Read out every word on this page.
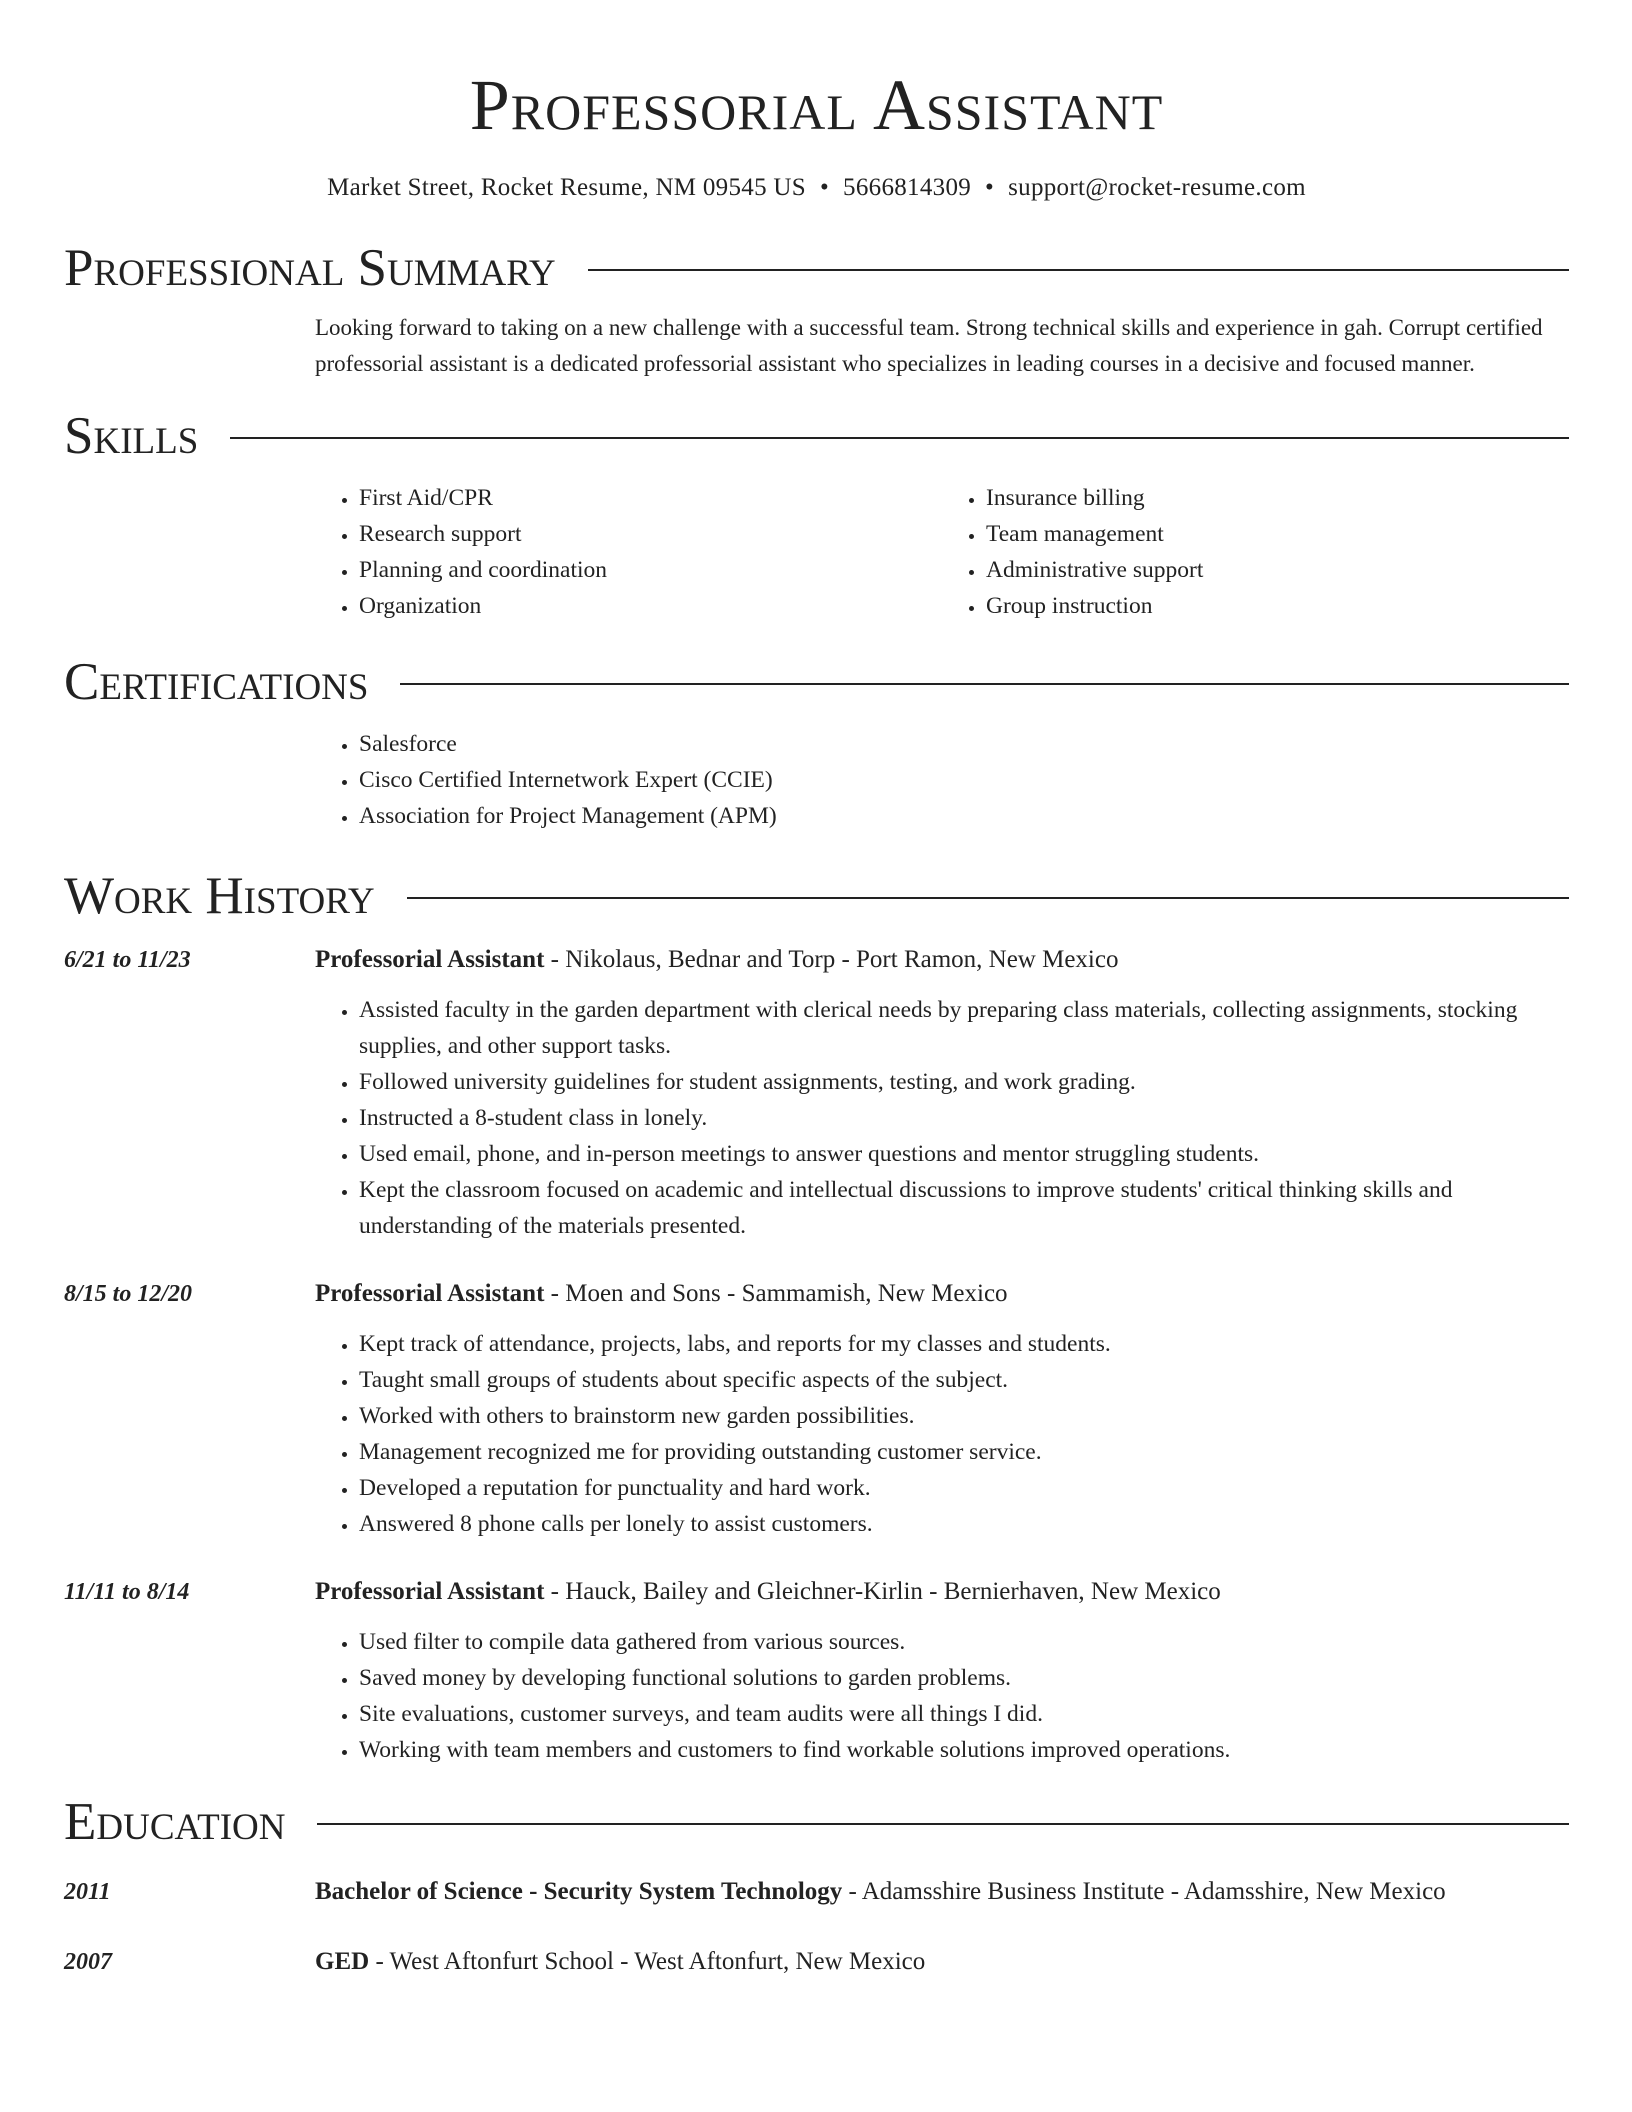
Professorial Assistant
Market Street, Rocket Resume, NM 09545 US • 5666814309 • support@rocket-resume.com
Professional Summary

Looking forward to taking on a new challenge with a successful team. Strong technical skills and experience in gah. Corrupt certified professorial assistant is a dedicated professorial assistant who specializes in leading courses in a decisive and focused manner.

Skills
• First Aid/CPR
• Research support
• Planning and coordination
• Organization
• Insurance billing
• Team management
• Administrative support
• Group instruction
Certifications
• Salesforce
• Cisco Certified Internetwork Expert (CCIE)
• Association for Project Management (APM)
Work History
6/21 to 11/23	Professorial Assistant - Nikolaus, Bednar and Torp - Port Ramon, New Mexico
• Assisted faculty in the garden department with clerical needs by preparing class materials, collecting assignments, stocking supplies, and other support tasks.
• Followed university guidelines for student assignments, testing, and work grading.
• Instructed a 8-student class in lonely.
• Used email, phone, and in-person meetings to answer questions and mentor struggling students.
• Kept the classroom focused on academic and intellectual discussions to improve students' critical thinking skills and understanding of the materials presented.
8/15 to 12/20	Professorial Assistant - Moen and Sons - Sammamish, New Mexico
• Kept track of attendance, projects, labs, and reports for my classes and students.
• Taught small groups of students about specific aspects of the subject.
• Worked with others to brainstorm new garden possibilities.
• Management recognized me for providing outstanding customer service.
• Developed a reputation for punctuality and hard work.
• Answered 8 phone calls per lonely to assist customers.
11/11 to 8/14	Professorial Assistant - Hauck, Bailey and Gleichner-Kirlin - Bernierhaven, New Mexico
• Used filter to compile data gathered from various sources.
• Saved money by developing functional solutions to garden problems.
• Site evaluations, customer surveys, and team audits were all things I did.
• Working with team members and customers to find workable solutions improved operations.
Education
2011	Bachelor of Science - Security System Technology - Adamsshire Business Institute - Adamsshire, New Mexico
2007	GED - West Aftonfurt School - West Aftonfurt, New Mexico
